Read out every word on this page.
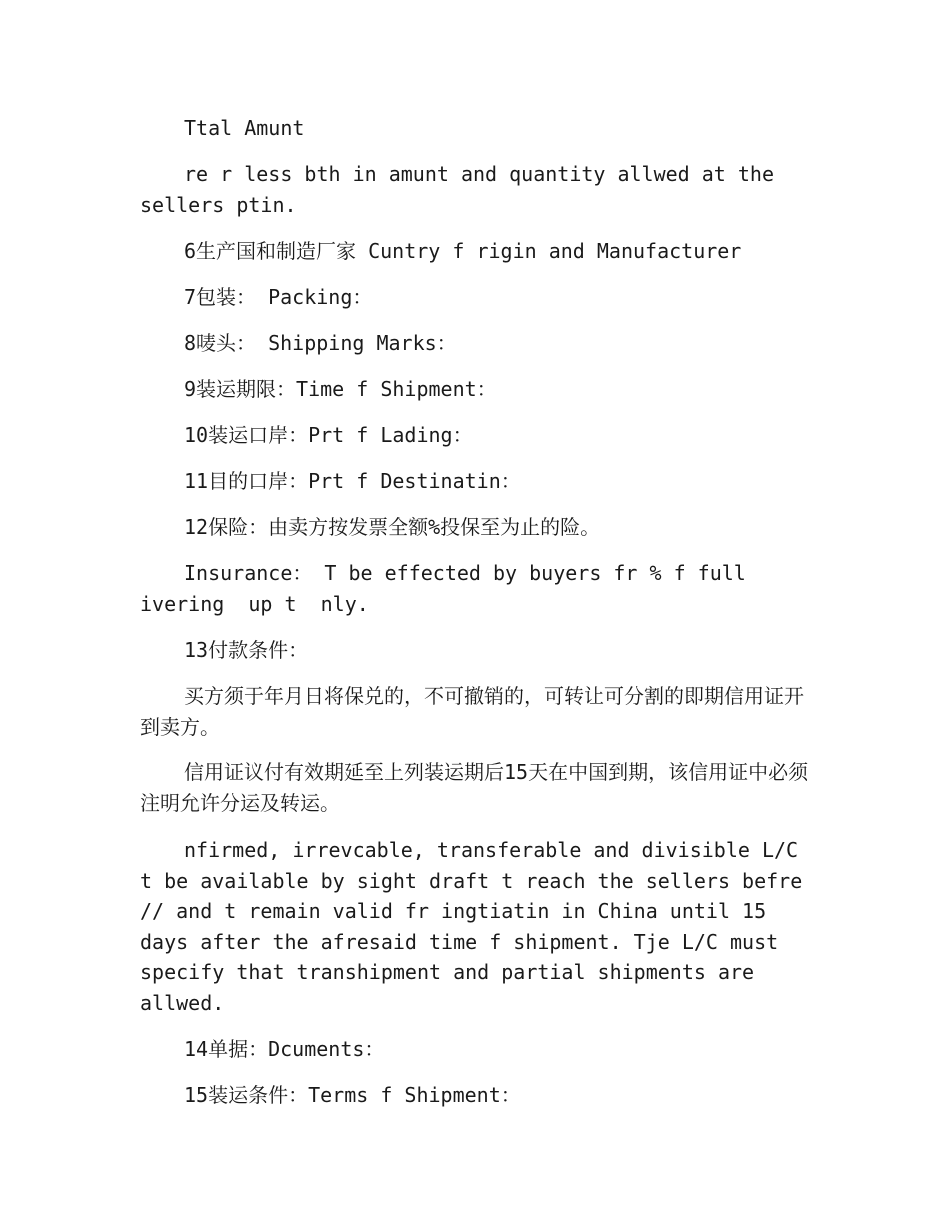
Ttal Amunt

re r less bth in amunt and quantity allwed at the sellers ptin.

6生产国和制造厂家 Cuntry f rigin and Manufacturer

7包装： Packing：

8唛头： Shipping Marks：

9装运期限：Time f Shipment：

10装运口岸：Prt f Lading：

11目的口岸：Prt f Destinatin：

12保险：由卖方按发票全额%投保至为止的险。

Insurance： T be effected by buyers fr % f full ivering  up t  nly.

13付款条件：

买方须于年月日将保兑的，不可撤销的，可转让可分割的即期信用证开到卖方。

信用证议付有效期延至上列装运期后15天在中国到期，该信用证中必须注明允许分运及转运。

nfirmed, irrevcable, transferable and divisible L/C t be available by sight draft t reach the sellers befre // and t remain valid fr ingtiatin in China until 15 days after the afresaid time f shipment. Tje L/C must specify that transhipment and partial shipments are allwed.

14单据：Dcuments：

15装运条件：Terms f Shipment：
